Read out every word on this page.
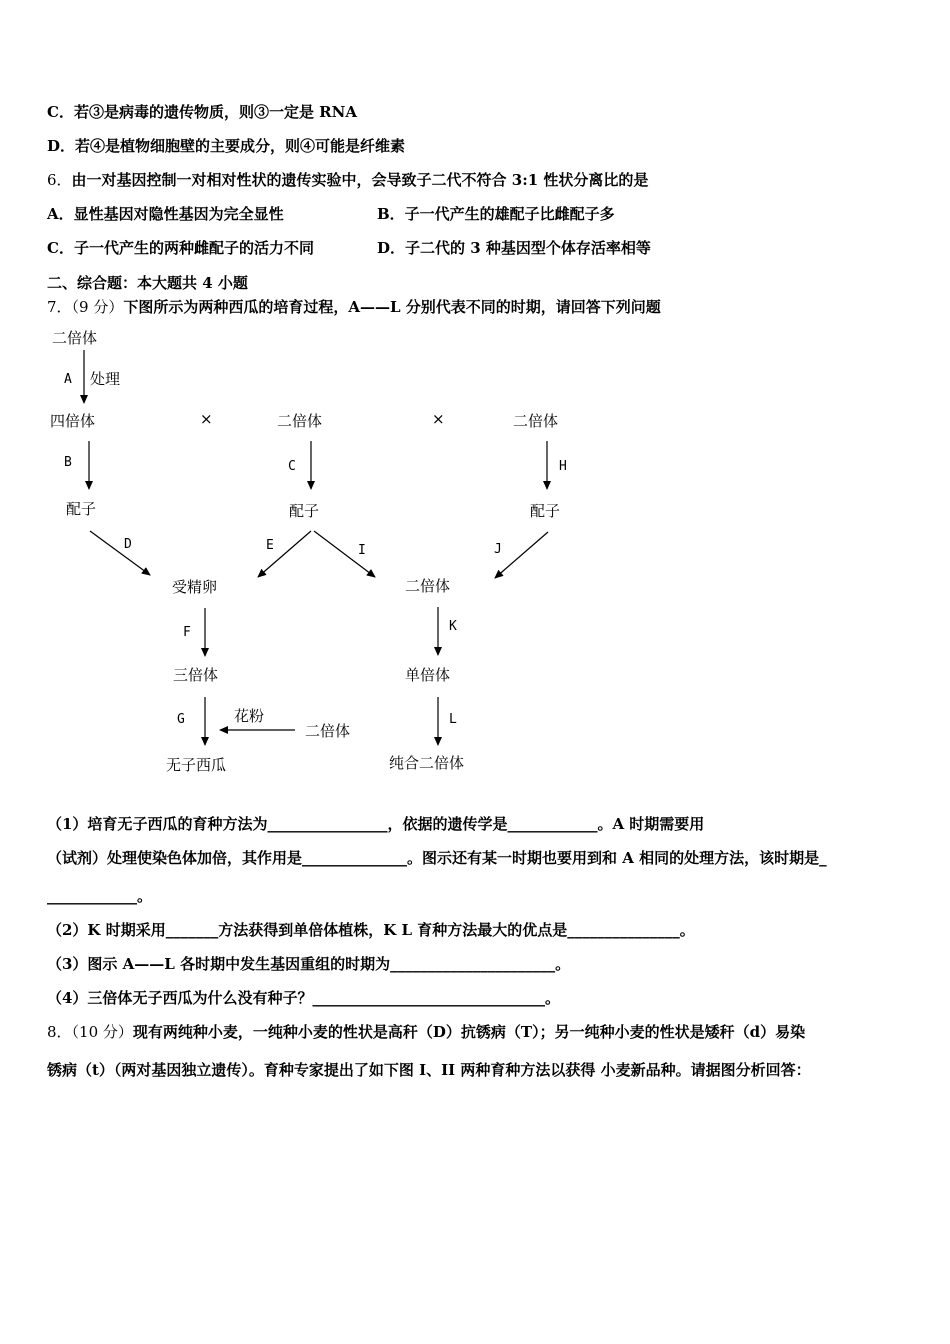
C．若③是病毒的遗传物质，则③一定是 RNA
D．若④是植物细胞壁的主要成分，则④可能是纤维素
6．由一对基因控制一对相对性状的遗传实验中，会导致子二代不符合 3:1 性状分离比的是
A．显性基因对隐性基因为完全显性	B．子一代产生的雄配子比雌配子多
C．子一代产生的两种雌配子的活力不同	D．子二代的 3 种基因型个体存活率相等
二、综合题：本大题共 4 小题
7．（9 分）下图所示为两种西瓜的培育过程，A——L 分别代表不同的时期，请回答下列问题
二倍体
A 处理
四倍体	×	二倍体	×	二倍体
B	C	H
配子	配子	配子
D	E	I	J
受精卵	二倍体
F	K
三倍体	单倍体
G	花粉
二倍体
L
无子西瓜	纯合二倍体
（1）培育无子西瓜的育种方法为________________，依据的遗传学是____________。A 时期需要用
（试剂）处理使染色体加倍，其作用是______________。图示还有某一时期也要用到和 A 相同的处理方法，该时期是_
____________。
（2）K 时期采用_______方法获得到单倍体植株，K L 育种方法最大的优点是_______________。
（3）图示 A——L 各时期中发生基因重组的时期为______________________。
（4）三倍体无子西瓜为什么没有种子？_______________________________。
8．（10 分）现有两纯种小麦，一纯种小麦的性状是高秆（D）抗锈病（T）；另一纯种小麦的性状是矮秆（d）易染
锈病（t）（两对基因独立遗传）。育种专家提出了如下图 I、II 两种育种方法以获得 小麦新品种。请据图分析回答：
